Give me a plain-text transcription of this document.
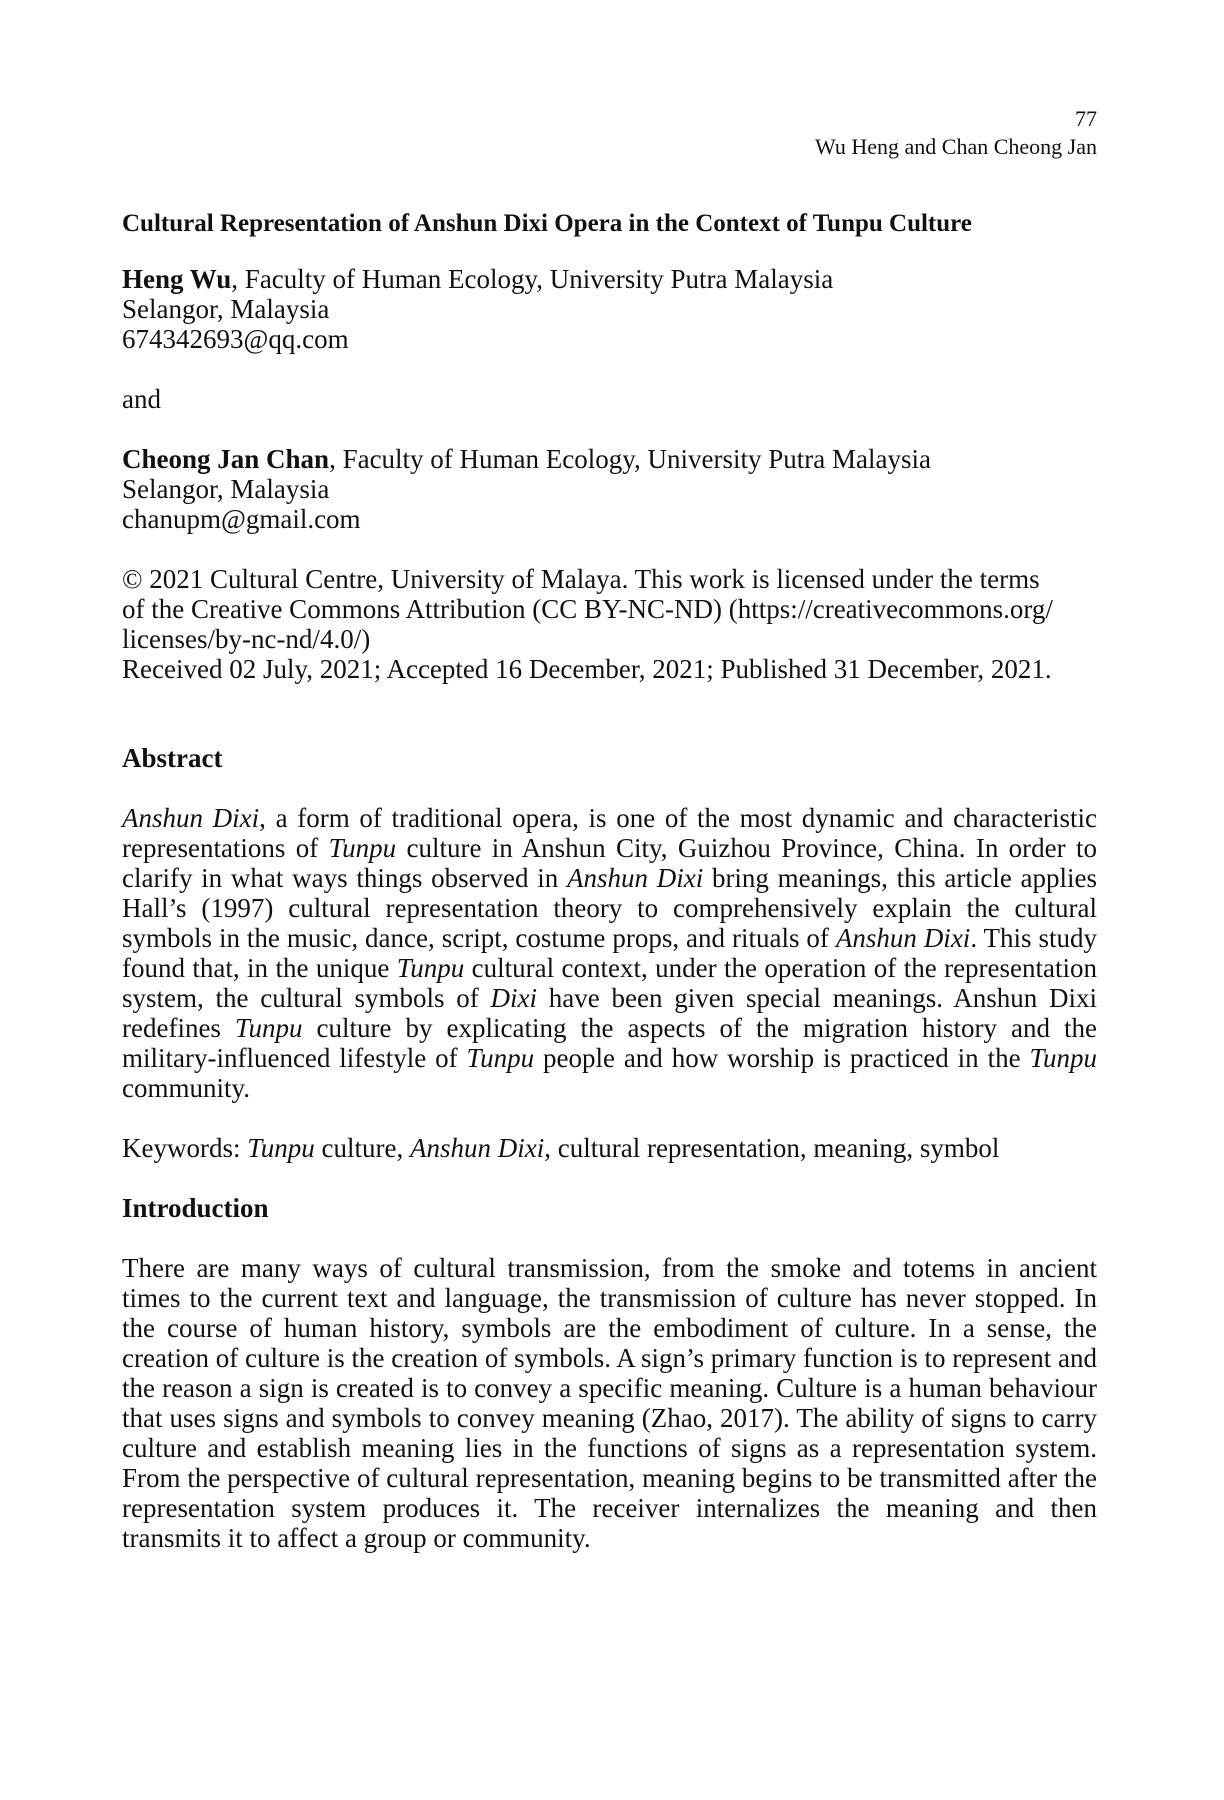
77
Wu Heng and Chan Cheong Jan
Cultural Representation of Anshun Dixi Opera in the Context of Tunpu Culture
Heng Wu, Faculty of Human Ecology, University Putra Malaysia
Selangor, Malaysia
674342693@qq.com
and
Cheong Jan Chan, Faculty of Human Ecology, University Putra Malaysia
Selangor, Malaysia
chanupm@gmail.com
© 2021 Cultural Centre, University of Malaya. This work is licensed under the terms
of the Creative Commons Attribution (CC BY-NC-ND) (https://creativecommons.org/
licenses/by-nc-nd/4.0/)
Received 02 July, 2021; Accepted 16 December, 2021; Published 31 December, 2021.
Abstract
Anshun Dixi, a form of traditional opera, is one of the most dynamic and characteristic representations of Tunpu culture in Anshun City, Guizhou Province, China. In order to clarify in what ways things observed in Anshun Dixi bring meanings, this article applies Hall’s (1997) cultural representation theory to comprehensively explain the cultural symbols in the music, dance, script, costume props, and rituals of Anshun Dixi. This study found that, in the unique Tunpu cultural context, under the operation of the representation system, the cultural symbols of Dixi have been given special meanings. Anshun Dixi redefines Tunpu culture by explicating the aspects of the migration history and the military-influenced lifestyle of Tunpu people and how worship is practiced in the Tunpu community.
Keywords: Tunpu culture, Anshun Dixi, cultural representation, meaning, symbol
Introduction
There are many ways of cultural transmission, from the smoke and totems in ancient times to the current text and language, the transmission of culture has never stopped. In the course of human history, symbols are the embodiment of culture. In a sense, the creation of culture is the creation of symbols. A sign’s primary function is to represent and the reason a sign is created is to convey a specific meaning. Culture is a human behaviour that uses signs and symbols to convey meaning (Zhao, 2017). The ability of signs to carry culture and establish meaning lies in the functions of signs as a representation system. From the perspective of cultural representation, meaning begins to be transmitted after the representation system produces it. The receiver internalizes the meaning and then transmits it to affect a group or community.
